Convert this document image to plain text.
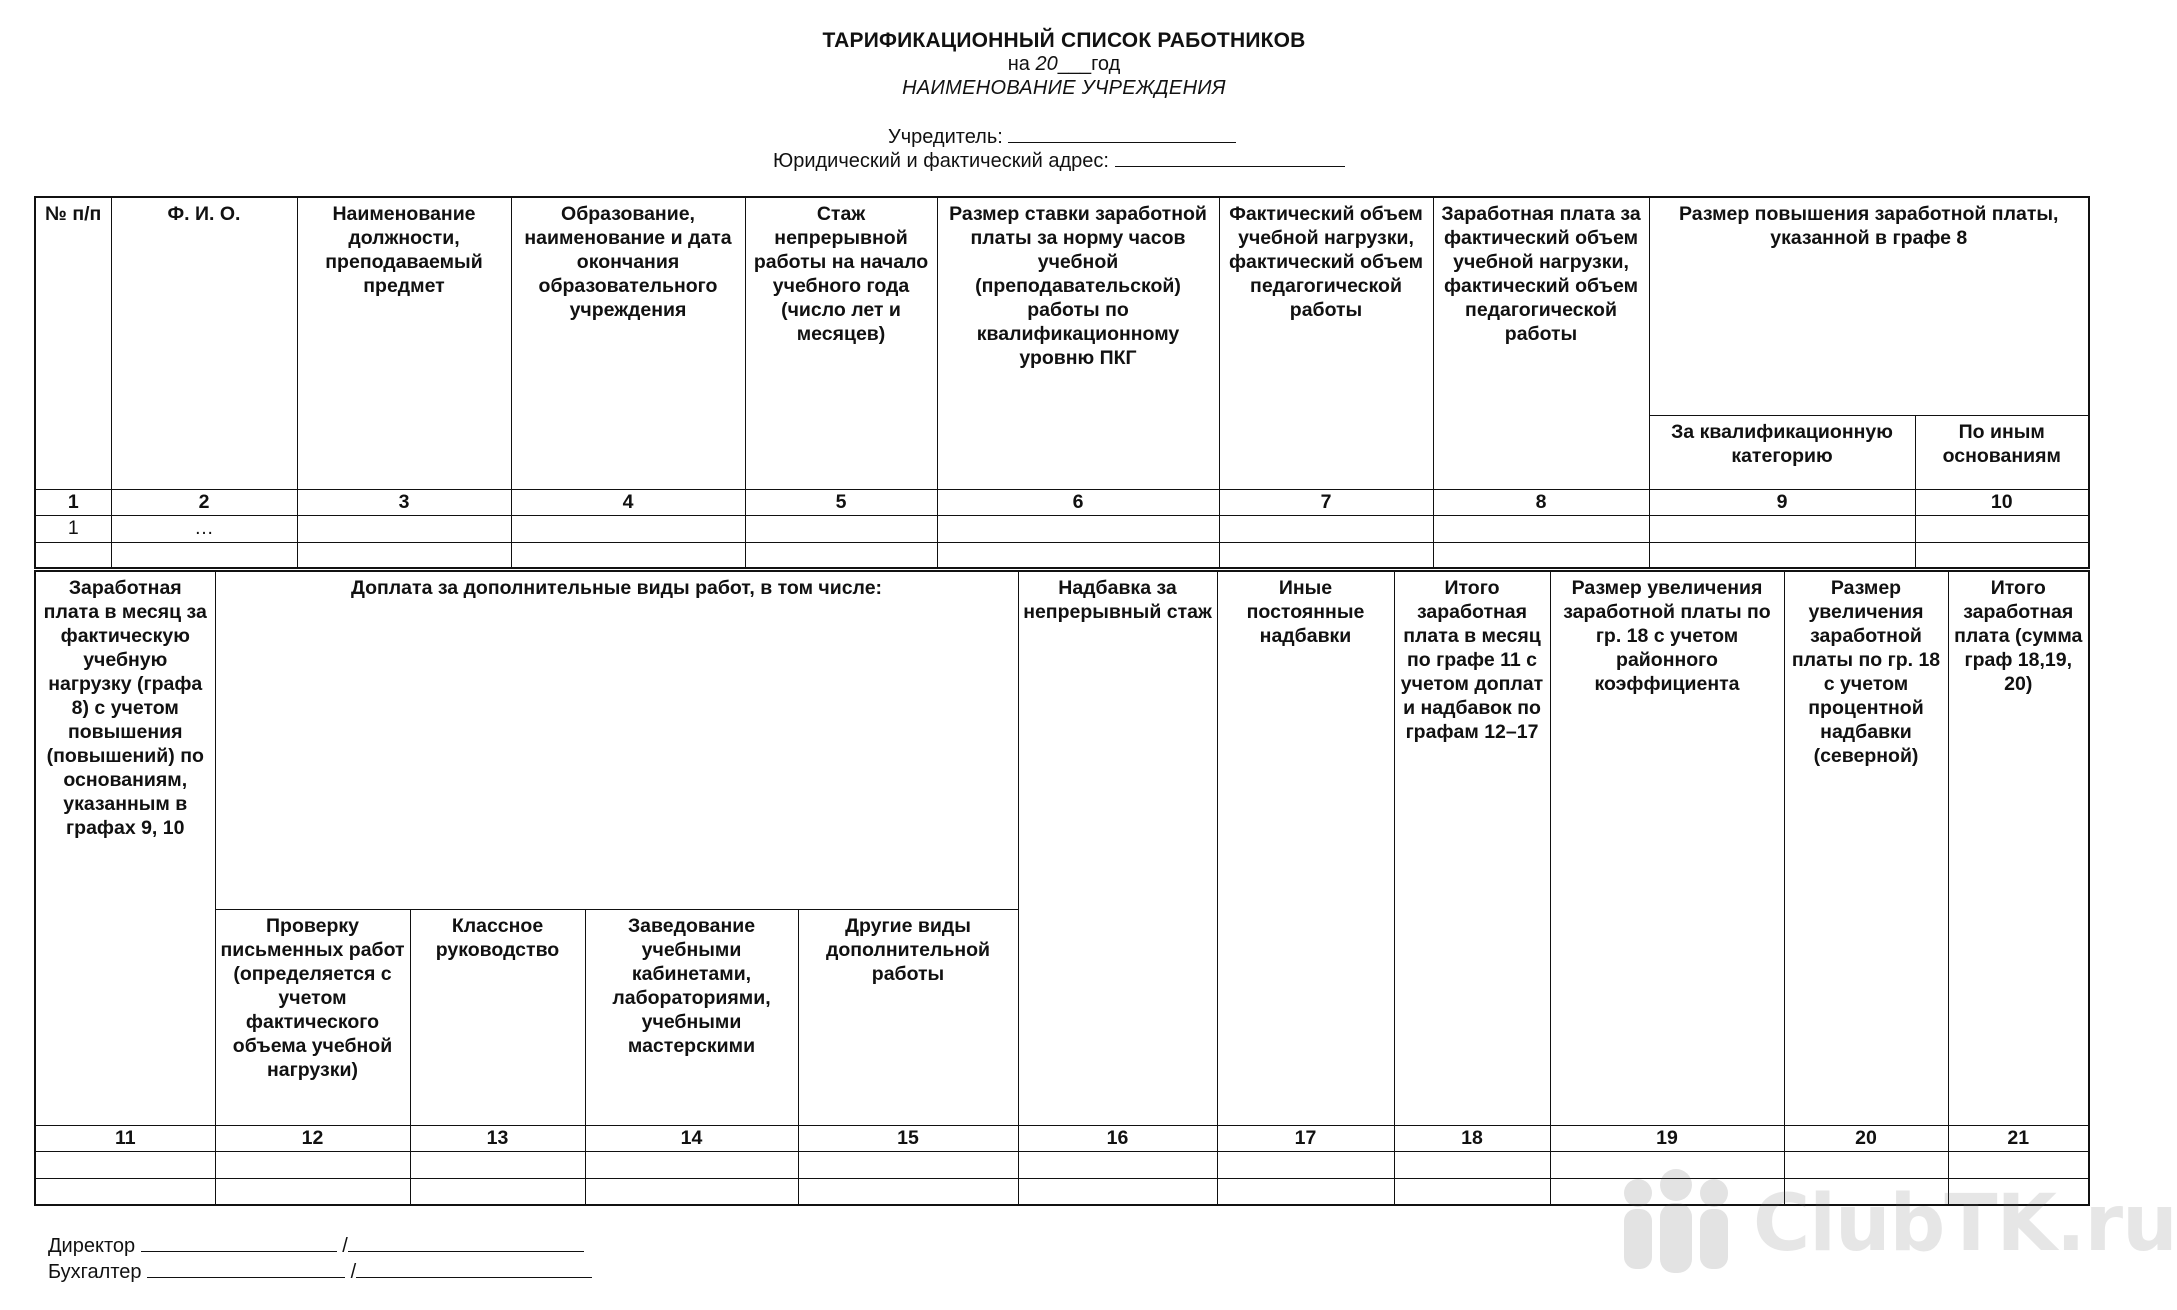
ТАРИФИКАЦИОННЫЙ СПИСОК РАБОТНИКОВ
на 20___год
НАИМЕНОВАНИЕ УЧРЕЖДЕНИЯ
Учредитель:
Юридический и фактический адрес:
№ п/п	Ф. И. О.	Наименование должности, преподаваемый предмет	Образование, наименование и дата окончания образовательного учреждения	Стаж непрерывной работы на начало учебного года (число лет и месяцев)	Размер ставки заработной платы за норму часов учебной (преподавательской) работы по квалификационному уровню ПКГ	Фактический объем учебной нагрузки, фактический объем педагогической работы	Заработная плата за фактический объем учебной нагрузки, фактический объем педагогической работы	Размер повышения заработной платы, указанной в графе 8	
								За квалификационную категорию	По иным основаниям
1	2	3	4	5	6	7	8	9	10
1	…								

Заработная плата в месяц за фактическую учебную нагрузку (графа 8) с учетом повышения (повышений) по основаниям, указанным в графах 9, 10	Доплата за дополнительные виды работ, в том числе:				Надбавка за непрерывный стаж	Иные постоянные надбавки	Итого заработная плата в месяц по графе 11 с учетом доплат и надбавок по графам 12–17	Размер увеличения заработной платы по гр. 18 с учетом районного коэффициента	Размер увеличения заработной платы по гр. 18 с учетом процентной надбавки (северной)	Итого заработная плата (сумма граф 18,19, 20)
	Проверку письменных работ (определяется с учетом фактического объема учебной нагрузки)	Классное руководство	Заведование учебными кабинетами, лабораториями, учебными мастерскими	Другие виды дополнительной работы						
11	12	13	14	15	16	17	18	19	20	21

Директор	/
Бухгалтер	/
ClubTK.ru
